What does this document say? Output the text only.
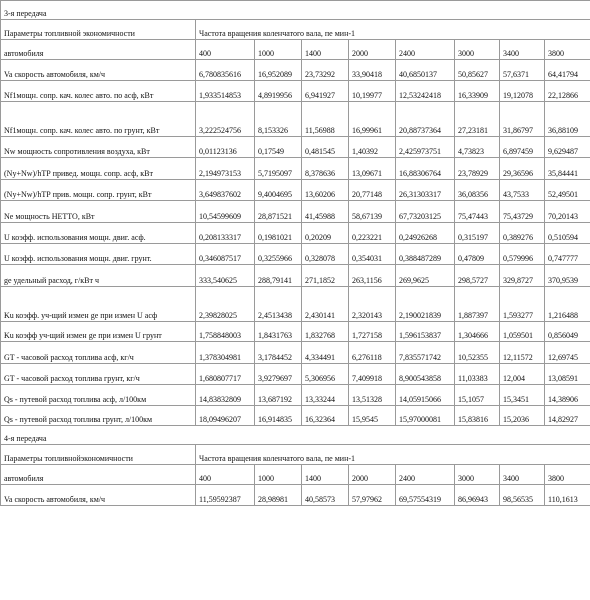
3-я передача								
Параметры топливной экономичности	Частота вращения коленчатого вала, пе мин-1							
автомобиля	400	1000	1400	2000	2400	3000	3400	3800
Va скорость автомобиля, км/ч	6,780835616	16,952089	23,73292	33,90418	40,6850137	50,85627	57,6371	64,41794
Nf1мощн. сопр. кач. колес авто. по асф, кВт	1,933514853	4,8919956	6,941927	10,19977	12,53242418	16,33909	19,12078	22,12866
Nf1мощн. сопр. кач. колес авто. по грунт, кВт	3,222524756	8,153326	11,56988	16,99961	20,88737364	27,23181	31,86797	36,88109
Nw мощность сопротивления воздуха, кВт	0,01123136	0,17549	0,481545	1,40392	2,425973751	4,73823	6,897459	9,629487
(Ny+Nw)/hТР привед. мощн. сопр. асф, кВт	2,194973153	5,7195097	8,378636	13,09671	16,88306764	23,78929	29,36596	35,84441
(Ny+Nw)/hТР прив. мощн. сопр. грунт, кВт	3,649837602	9,4004695	13,60206	20,77148	26,31303317	36,08356	43,7533	52,49501
Ne мощность НЕТТО, кВт	10,54599609	28,871521	41,45988	58,67139	67,73203125	75,47443	75,43729	70,20143
U коэфф. использования мощн. двиг. асф.	0,208133317	0,1981021	0,20209	0,223221	0,24926268	0,315197	0,389276	0,510594
U коэфф. использования мощн. двиг. грунт.	0,346087517	0,3255966	0,328078	0,354031	0,388487289	0,47809	0,579996	0,747777
ge удельный расход, г/кВт ч	333,540625	288,79141	271,1852	263,1156	269,9625	298,5727	329,8727	370,9539
Ku коэфф. уч-щий измен ge при измен U асф	2,39828025	2,4513438	2,430141	2,320143	2,190021839	1,887397	1,593277	1,216488
Ku коэфф уч-щий измен ge при измен U грунт	1,758848003	1,8431763	1,832768	1,727158	1,596153837	1,304666	1,059501	0,856049
GT - часовой расход топлива асф, кг/ч	1,378304981	3,1784452	4,334491	6,276118	7,835571742	10,52355	12,11572	12,69745
GT - часовой расход топлива грунт, кг/ч	1,680807717	3,9279697	5,306956	7,409918	8,900543858	11,03383	12,004	13,08591
Qs - путевой расход топлива асф, л/100км	14,83832809	13,687192	13,33244	13,51328	14,05915066	15,1057	15,3451	14,38906
Qs - путевой расход топлива грунт, л/100км	18,09496207	16,914835	16,32364	15,9545	15,97000081	15,83816	15,2036	14,82927
4-я передача								
Параметры топливнойэкономичности	Частота вращения коленчатого вала, пе мин-1							
автомобиля	400	1000	1400	2000	2400	3000	3400	3800
Va скорость автомобиля, км/ч	11,59592387	28,98981	40,58573	57,97962	69,57554319	86,96943	98,56535	110,1613
